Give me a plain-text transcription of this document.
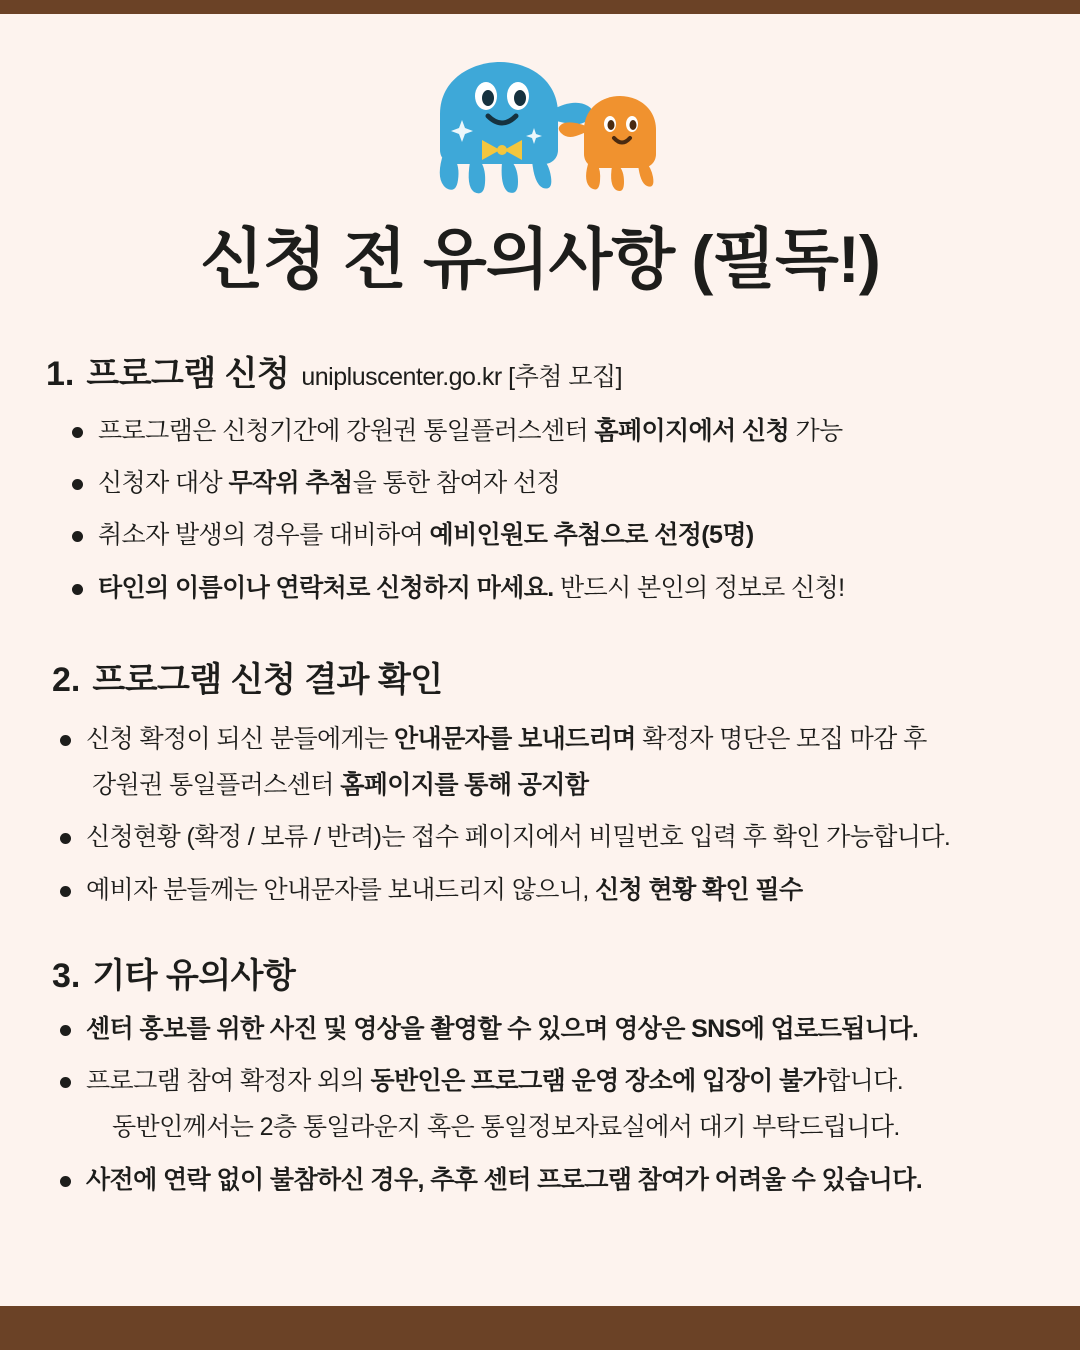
신청 전 유의사항 (필독!)
1. 프로그램 신청 unipluscenter.go.kr [추첨 모집]
프로그램은 신청기간에 강원권 통일플러스센터 홈페이지에서 신청 가능
신청자 대상 무작위 추첨을 통한 참여자 선정
취소자 발생의 경우를 대비하여 예비인원도 추첨으로 선정(5명)
타인의 이름이나 연락처로 신청하지 마세요. 반드시 본인의 정보로 신청!
2. 프로그램 신청 결과 확인
신청 확정이 되신 분들에게는 안내문자를 보내드리며 확정자 명단은 모집 마감 후
강원권 통일플러스센터 홈페이지를 통해 공지함
신청현황 (확정 / 보류 / 반려)는 접수 페이지에서 비밀번호 입력 후 확인 가능합니다.
예비자 분들께는 안내문자를 보내드리지 않으니, 신청 현황 확인 필수
3. 기타 유의사항
센터 홍보를 위한 사진 및 영상을 촬영할 수 있으며 영상은 SNS에 업로드됩니다.
프로그램 참여 확정자 외의 동반인은 프로그램 운영 장소에 입장이 불가합니다.
동반인께서는 2층 통일라운지 혹은 통일정보자료실에서 대기 부탁드립니다.
사전에 연락 없이 불참하신 경우, 추후 센터 프로그램 참여가 어려울 수 있습니다.
